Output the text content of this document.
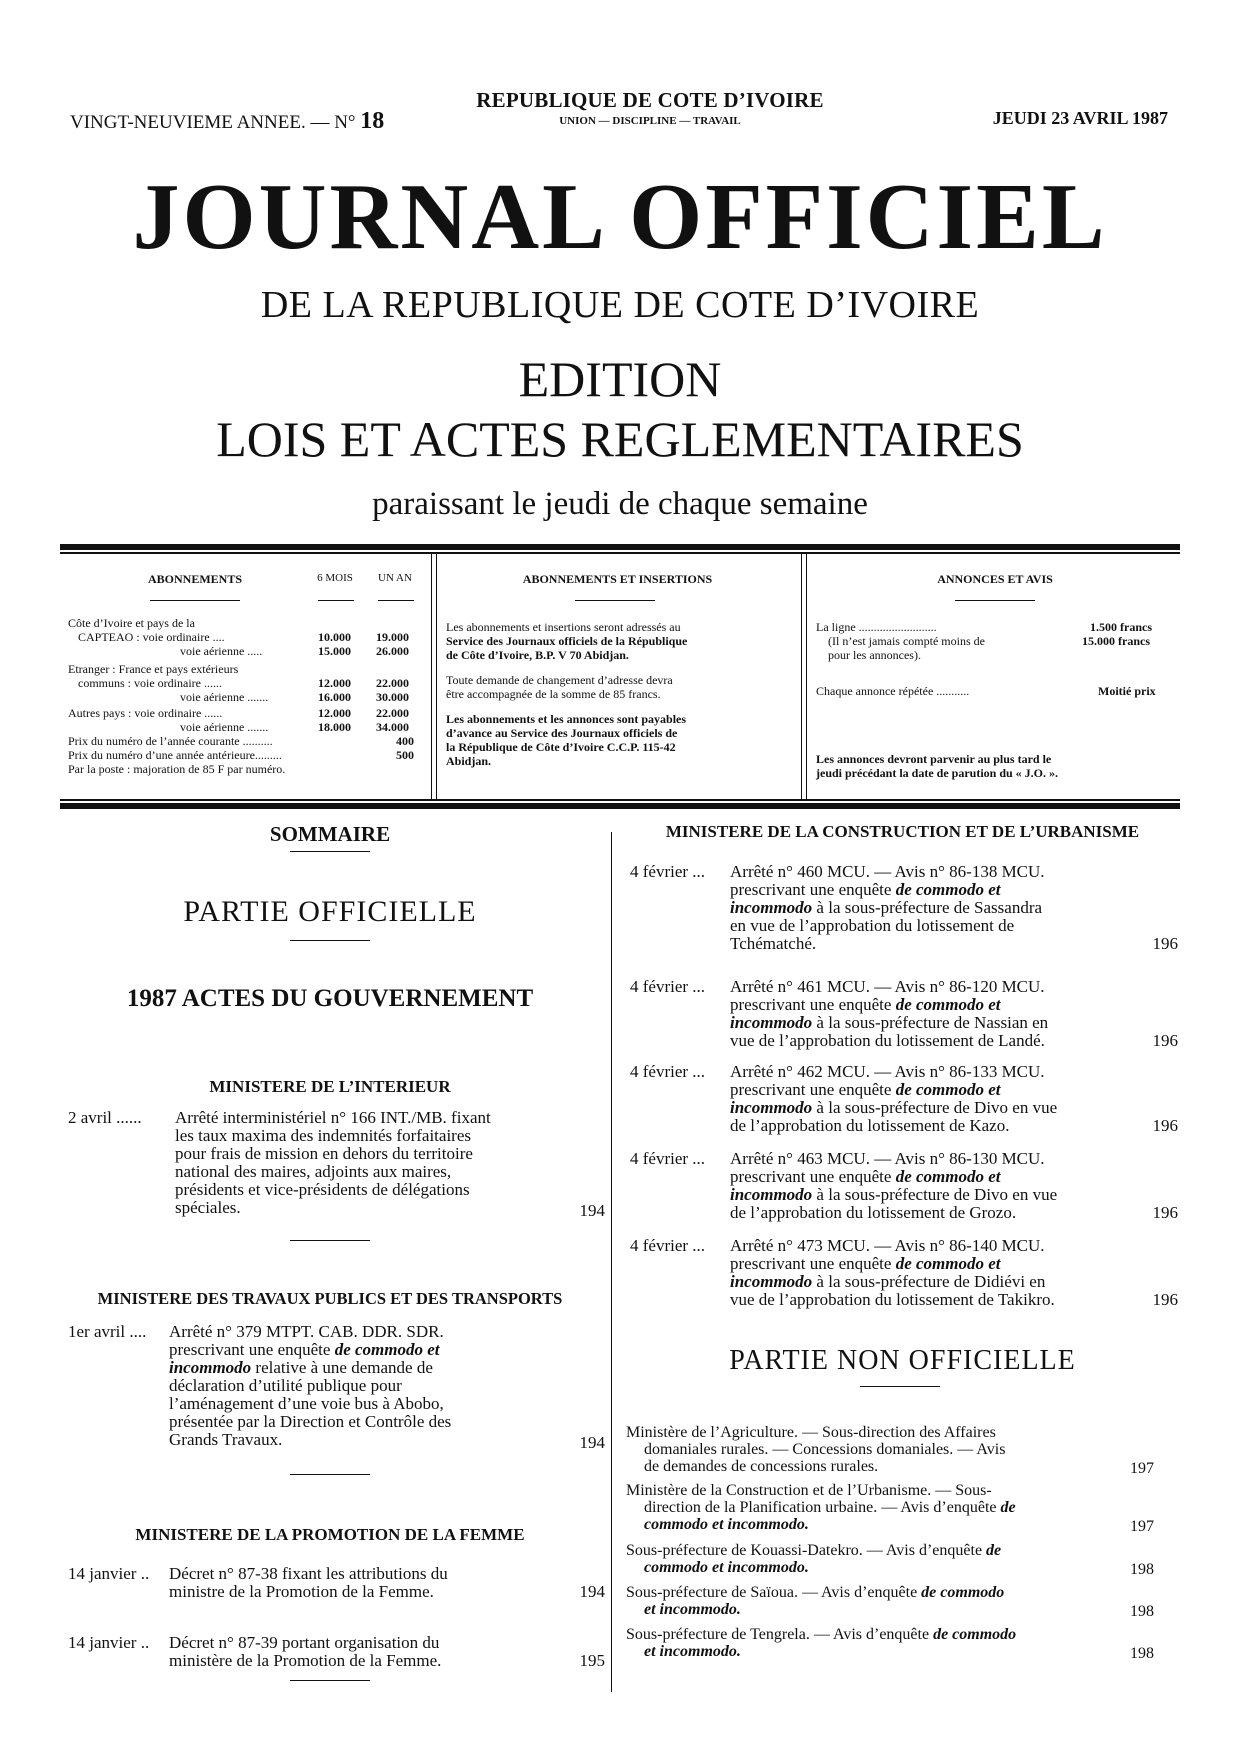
VINGT-NEUVIEME ANNEE. — N° 18
REPUBLIQUE DE COTE D’IVOIRE
UNION — DISCIPLINE — TRAVAIL	JEUDI 23 AVRIL 1987
JOURNAL OFFICIEL
DE LA REPUBLIQUE DE COTE D’IVOIRE
EDITION
LOIS ET ACTES REGLEMENTAIRES
paraissant le jeudi de chaque semaine
ABONNEMENTS	6 MOIS	UN AN
Côte d’Ivoire et pays de la
CAPTEAO : voie ordinaire ....	10.000 19.000
voie aérienne .....	15.000 26.000
Etranger : France et pays extérieurs
communs : voie ordinaire ......	12.000 22.000
voie aérienne .......	16.000 30.000
Autres pays : voie ordinaire ......	12.000 22.000
voie aérienne .......	18.000 34.000
Prix du numéro de l’année courante ..........	400
Prix du numéro d’une année antérieure.........	500
Par la poste : majoration de 85 F par numéro.
ABONNEMENTS ET INSERTIONS
Les abonnements et insertions seront adressés au
Service des Journaux officiels de la République
de Côte d’Ivoire, B.P. V 70 Abidjan.
Toute demande de changement d’adresse devra
être accompagnée de la somme de 85 francs.
Les abonnements et les annonces sont payables
d’avance au Service des Journaux officiels de
la République de Côte d’Ivoire C.C.P. 115-42
Abidjan.
ANNONCES ET AVIS
La ligne ..........................	1.500 francs
(Il n’est jamais compté moins de	15.000 francs
pour les annonces).
Chaque annonce répétée ...........	Moitié prix
Les annonces devront parvenir au plus tard le
jeudi précédant la date de parution du « J.O. ».
SOMMAIRE
PARTIE OFFICIELLE
1987 ACTES DU GOUVERNEMENT
MINISTERE DE L’INTERIEUR
2 avril ...... Arrêté interministériel n° 166 INT./MB. fixant
les taux maxima des indemnités forfaitaires
pour frais de mission en dehors du territoire
national des maires, adjoints aux maires,
présidents et vice-présidents de délégations
spéciales.	194
MINISTERE DES TRAVAUX PUBLICS ET DES TRANSPORTS
1er avril .... Arrêté n° 379 MTPT. CAB. DDR. SDR.
prescrivant une enquête de commodo et
incommodo relative à une demande de
déclaration d’utilité publique pour
l’aménagement d’une voie bus à Abobo,
présentée par la Direction et Contrôle des
Grands Travaux.	194
MINISTERE DE LA PROMOTION DE LA FEMME
14 janvier .. Décret n° 87-38 fixant les attributions du
ministre de la Promotion de la Femme.	194
14 janvier .. Décret n° 87-39 portant organisation du
ministère de la Promotion de la Femme.	195
MINISTERE DE LA CONSTRUCTION ET DE L’URBANISME
4 février ... Arrêté n° 460 MCU. — Avis n° 86-138 MCU.
prescrivant une enquête de commodo et
incommodo à la sous-préfecture de Sassandra
en vue de l’approbation du lotissement de
Tchématché.	196
4 février ... Arrêté n° 461 MCU. — Avis n° 86-120 MCU.
prescrivant une enquête de commodo et
incommodo à la sous-préfecture de Nassian en
vue de l’approbation du lotissement de Landé.	196
4 février ... Arrêté n° 462 MCU. — Avis n° 86-133 MCU.
prescrivant une enquête de commodo et
incommodo à la sous-préfecture de Divo en vue
de l’approbation du lotissement de Kazo.	196
4 février ... Arrêté n° 463 MCU. — Avis n° 86-130 MCU.
prescrivant une enquête de commodo et
incommodo à la sous-préfecture de Divo en vue
de l’approbation du lotissement de Grozo.	196
4 février ... Arrêté n° 473 MCU. — Avis n° 86-140 MCU.
prescrivant une enquête de commodo et
incommodo à la sous-préfecture de Didiévi en
vue de l’approbation du lotissement de Takikro.	196
PARTIE NON OFFICIELLE
Ministère de l’Agriculture. — Sous-direction des Affaires
domaniales rurales. — Concessions domaniales. — Avis
de demandes de concessions rurales.	197
Ministère de la Construction et de l’Urbanisme. — Sous-
direction de la Planification urbaine. — Avis d’enquête de
commodo et incommodo.	197
Sous-préfecture de Kouassi-Datekro. — Avis d’enquête de
commodo et incommodo.	198
Sous-préfecture de Saïoua. — Avis d’enquête de commodo
et incommodo.	198
Sous-préfecture de Tengrela. — Avis d’enquête de commodo
et incommodo.	198
